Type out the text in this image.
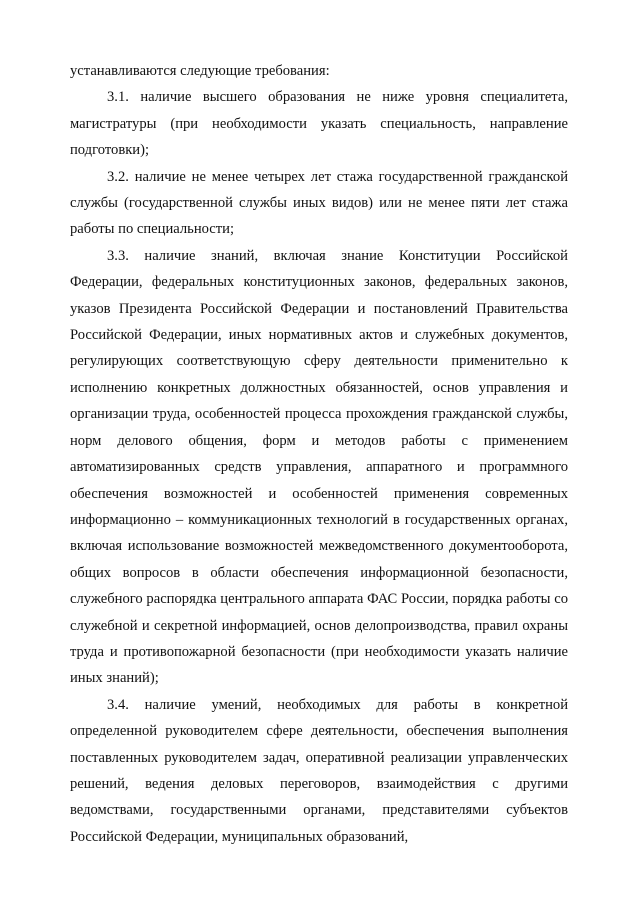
устанавливаются следующие требования:

3.1. наличие высшего образования не ниже уровня специалитета, магистратуры (при необходимости указать специальность, направление подготовки);

3.2. наличие не менее четырех лет стажа государственной гражданской службы (государственной службы иных видов) или не менее пяти лет стажа работы по специальности;

3.3. наличие знаний, включая знание Конституции Российской Федерации, федеральных конституционных законов, федеральных законов, указов Президента Российской Федерации и постановлений Правительства Российской Федерации, иных нормативных актов и служебных документов, регулирующих соответствующую сферу деятельности применительно к исполнению конкретных должностных обязанностей, основ управления и организации труда, особенностей процесса прохождения гражданской службы, норм делового общения, форм и методов работы с применением автоматизированных средств управления, аппаратного и программного обеспечения возможностей и особенностей применения современных информационно – коммуникационных технологий в государственных органах, включая использование возможностей межведомственного документооборота, общих вопросов в области обеспечения информационной безопасности, служебного распорядка центрального аппарата ФАС России, порядка работы со служебной и секретной информацией, основ делопроизводства, правил охраны труда и противопожарной безопасности (при необходимости указать наличие иных знаний);

3.4. наличие умений, необходимых для работы в конкретной определенной руководителем сфере деятельности, обеспечения выполнения поставленных руководителем задач, оперативной реализации управленческих решений, ведения деловых переговоров, взаимодействия с другими ведомствами, государственными органами, представителями субъектов Российской Федерации, муниципальных образований,
